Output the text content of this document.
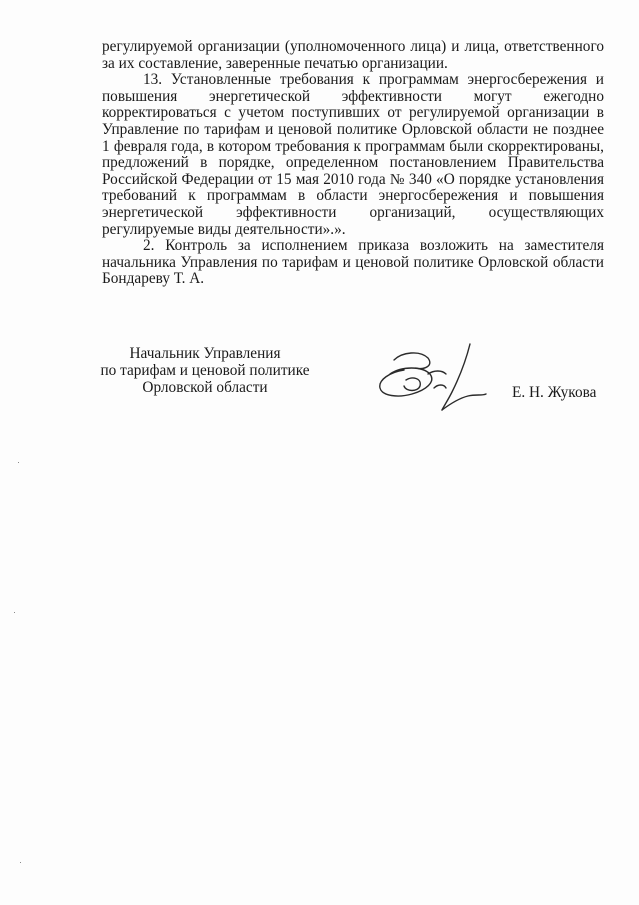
регулируемой организации (уполномоченного лица) и лица, ответственного за их составление, заверенные печатью организации.

13. Установленные требования к программам энергосбережения и повышения энергетической эффективности могут ежегодно корректироваться с учетом поступивших от регулируемой организации в Управление по тарифам и ценовой политике Орловской области не позднее 1 февраля года, в котором требования к программам были скорректированы, предложений в порядке, определенном постановлением Правительства Российской Федерации от 15 мая 2010 года № 340 «О порядке установления требований к программам в области энергосбережения и повышения энергетической эффективности организаций, осуществляющих регулируемые виды деятельности».».

2. Контроль за исполнением приказа возложить на заместителя начальника Управления по тарифам и ценовой политике Орловской области Бондареву Т. А.

Начальник Управления
по тарифам и ценовой политике
Орловской области	Е. Н. Жукова
